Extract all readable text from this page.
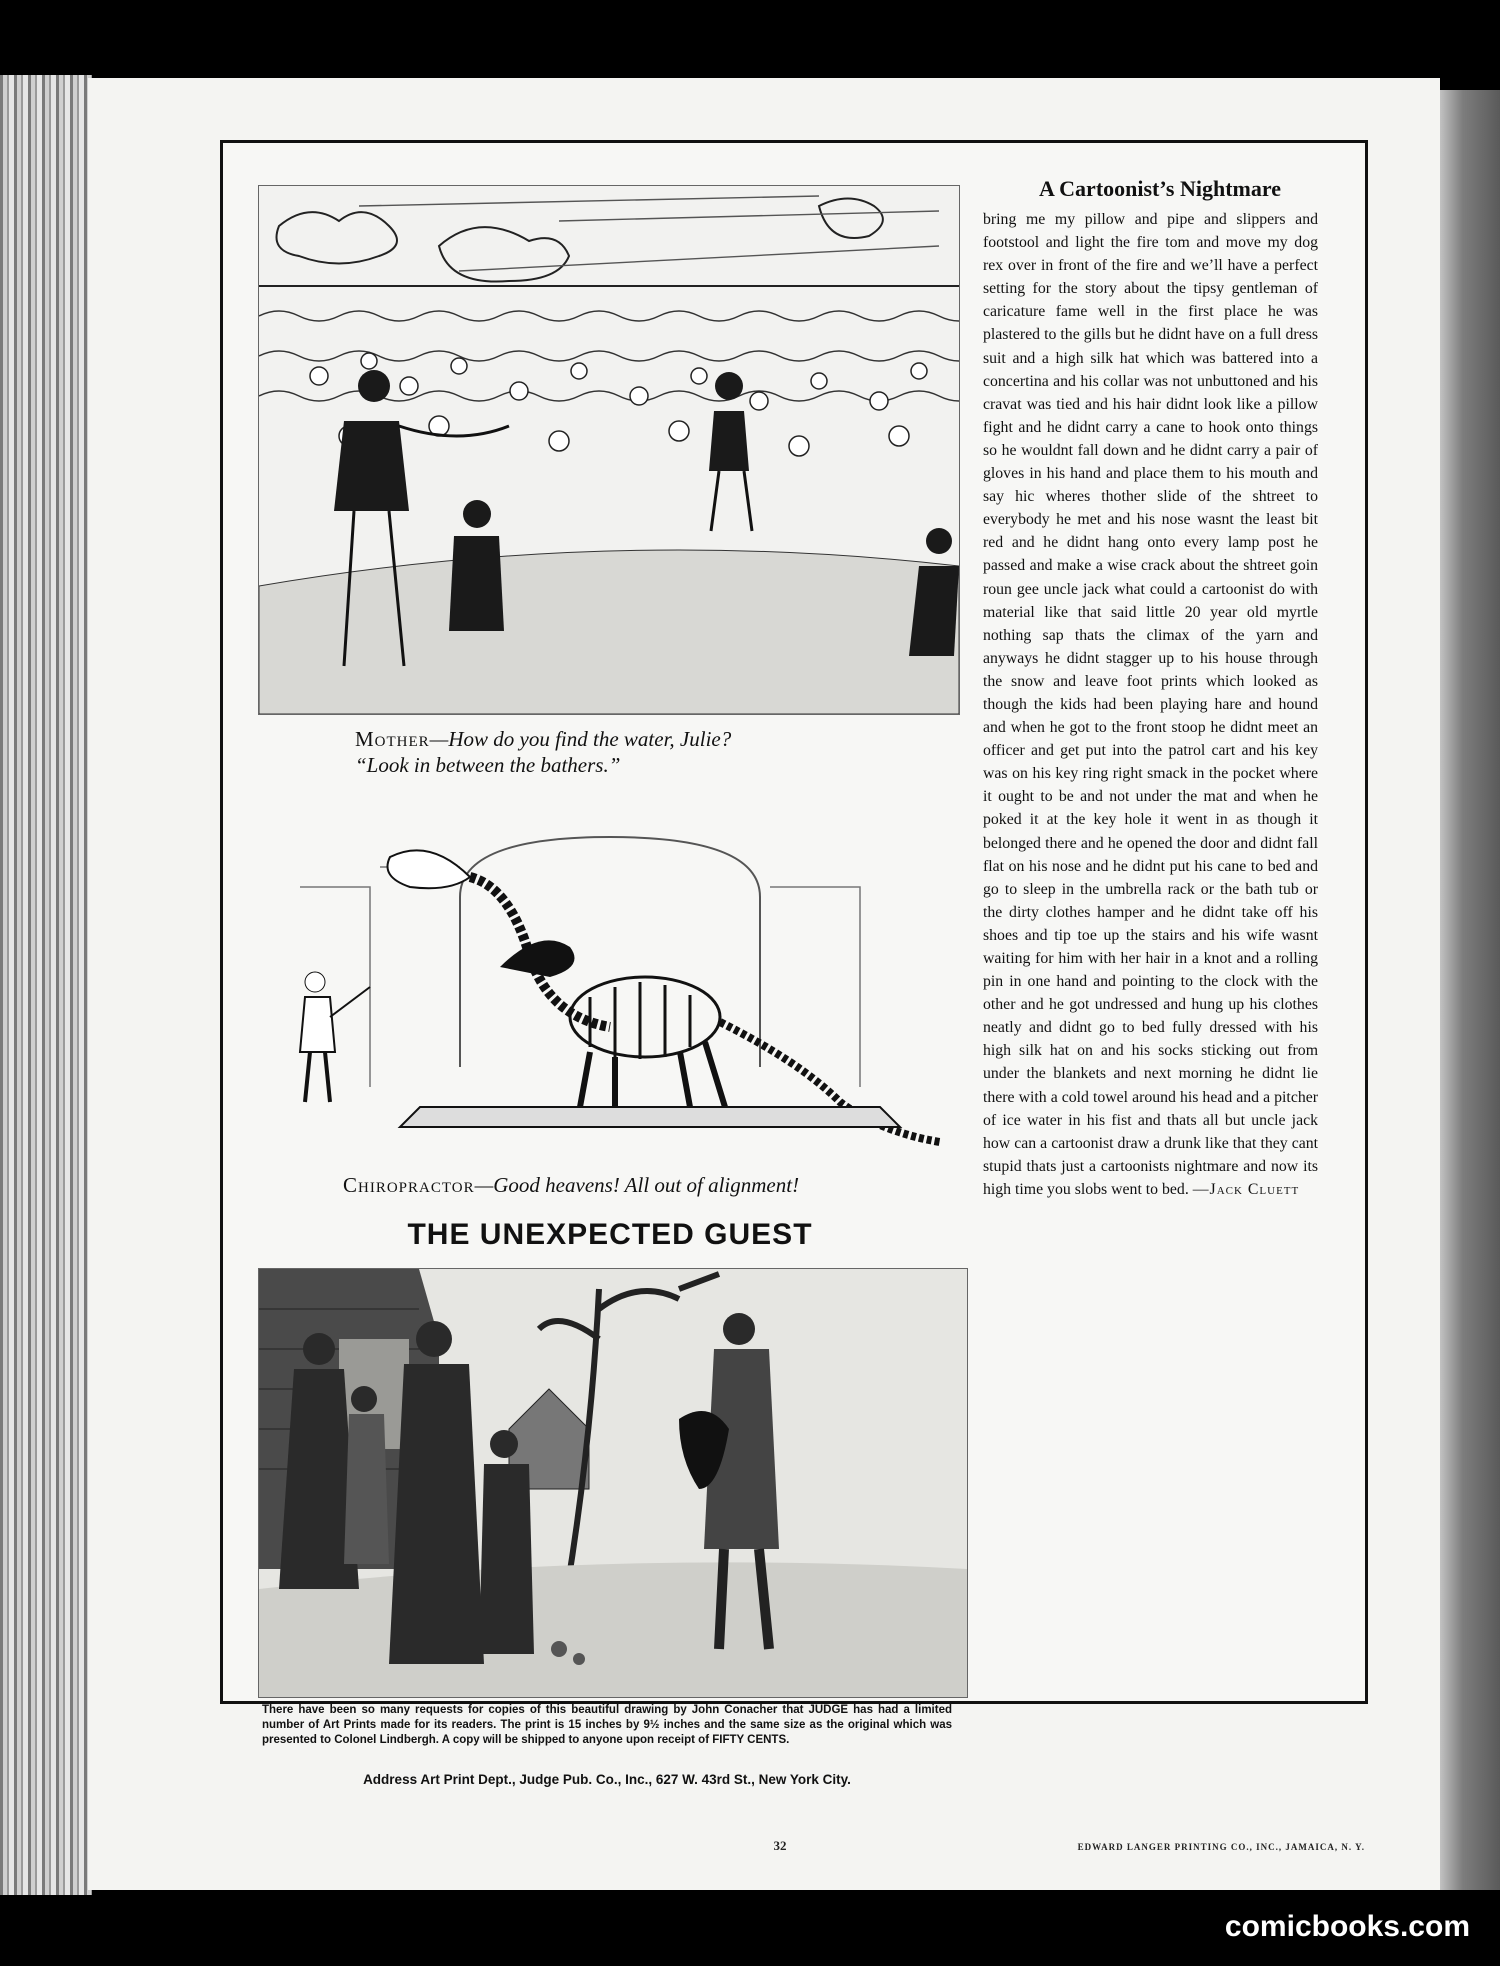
Mother—How do you find the water, Julie?
“Look in between the bathers.”
Chiropractor—Good heavens! All out of alignment!
THE UNEXPECTED GUEST
There have been so many requests for copies of this beautiful drawing by John Conacher that JUDGE has had a limited number of Art Prints made for its readers. The print is 15 inches by 9½ inches and the same size as the original which was presented to Colonel Lindbergh. A copy will be shipped to anyone upon receipt of FIFTY CENTS.
Address Art Print Dept., Judge Pub. Co., Inc., 627 W. 43rd St., New York City.
A Cartoonist’s Nightmare
bring me my pillow and pipe and slippers and footstool and light the fire tom and move my dog rex over in front of the fire and we’ll have a perfect setting for the story about the tipsy gentleman of caricature fame well in the first place he was plastered to the gills but he didnt have on a full dress suit and a high silk hat which was battered into a concertina and his collar was not unbuttoned and his cravat was tied and his hair didnt look like a pillow fight and he didnt carry a cane to hook onto things so he wouldnt fall down and he didnt carry a pair of gloves in his hand and place them to his mouth and say hic wheres thother slide of the shtreet to everybody he met and his nose wasnt the least bit red and he didnt hang onto every lamp post he passed and make a wise crack about the shtreet goin roun gee uncle jack what could a cartoonist do with material like that said little 20 year old myrtle nothing sap thats the climax of the yarn and anyways he didnt stagger up to his house through the snow and leave foot prints which looked as though the kids had been playing hare and hound and when he got to the front stoop he didnt meet an officer and get put into the patrol cart and his key was on his key ring right smack in the pocket where it ought to be and not under the mat and when he poked it at the key hole it went in as though it belonged there and he opened the door and didnt fall flat on his nose and he didnt put his cane to bed and go to sleep in the umbrella rack or the bath tub or the dirty clothes hamper and he didnt take off his shoes and tip toe up the stairs and his wife wasnt waiting for him with her hair in a knot and a rolling pin in one hand and pointing to the clock with the other and he got undressed and hung up his clothes neatly and didnt go to bed fully dressed with his high silk hat on and his socks sticking out from under the blankets and next morning he didnt lie there with a cold towel around his head and a pitcher of ice water in his fist and thats all but uncle jack how can a cartoonist draw a drunk like that they cant stupid thats just a cartoonists nightmare and now its high time you slobs went to bed. —Jack Cluett
32	EDWARD LANGER PRINTING CO., INC., JAMAICA, N. Y.
comicbooks.com
